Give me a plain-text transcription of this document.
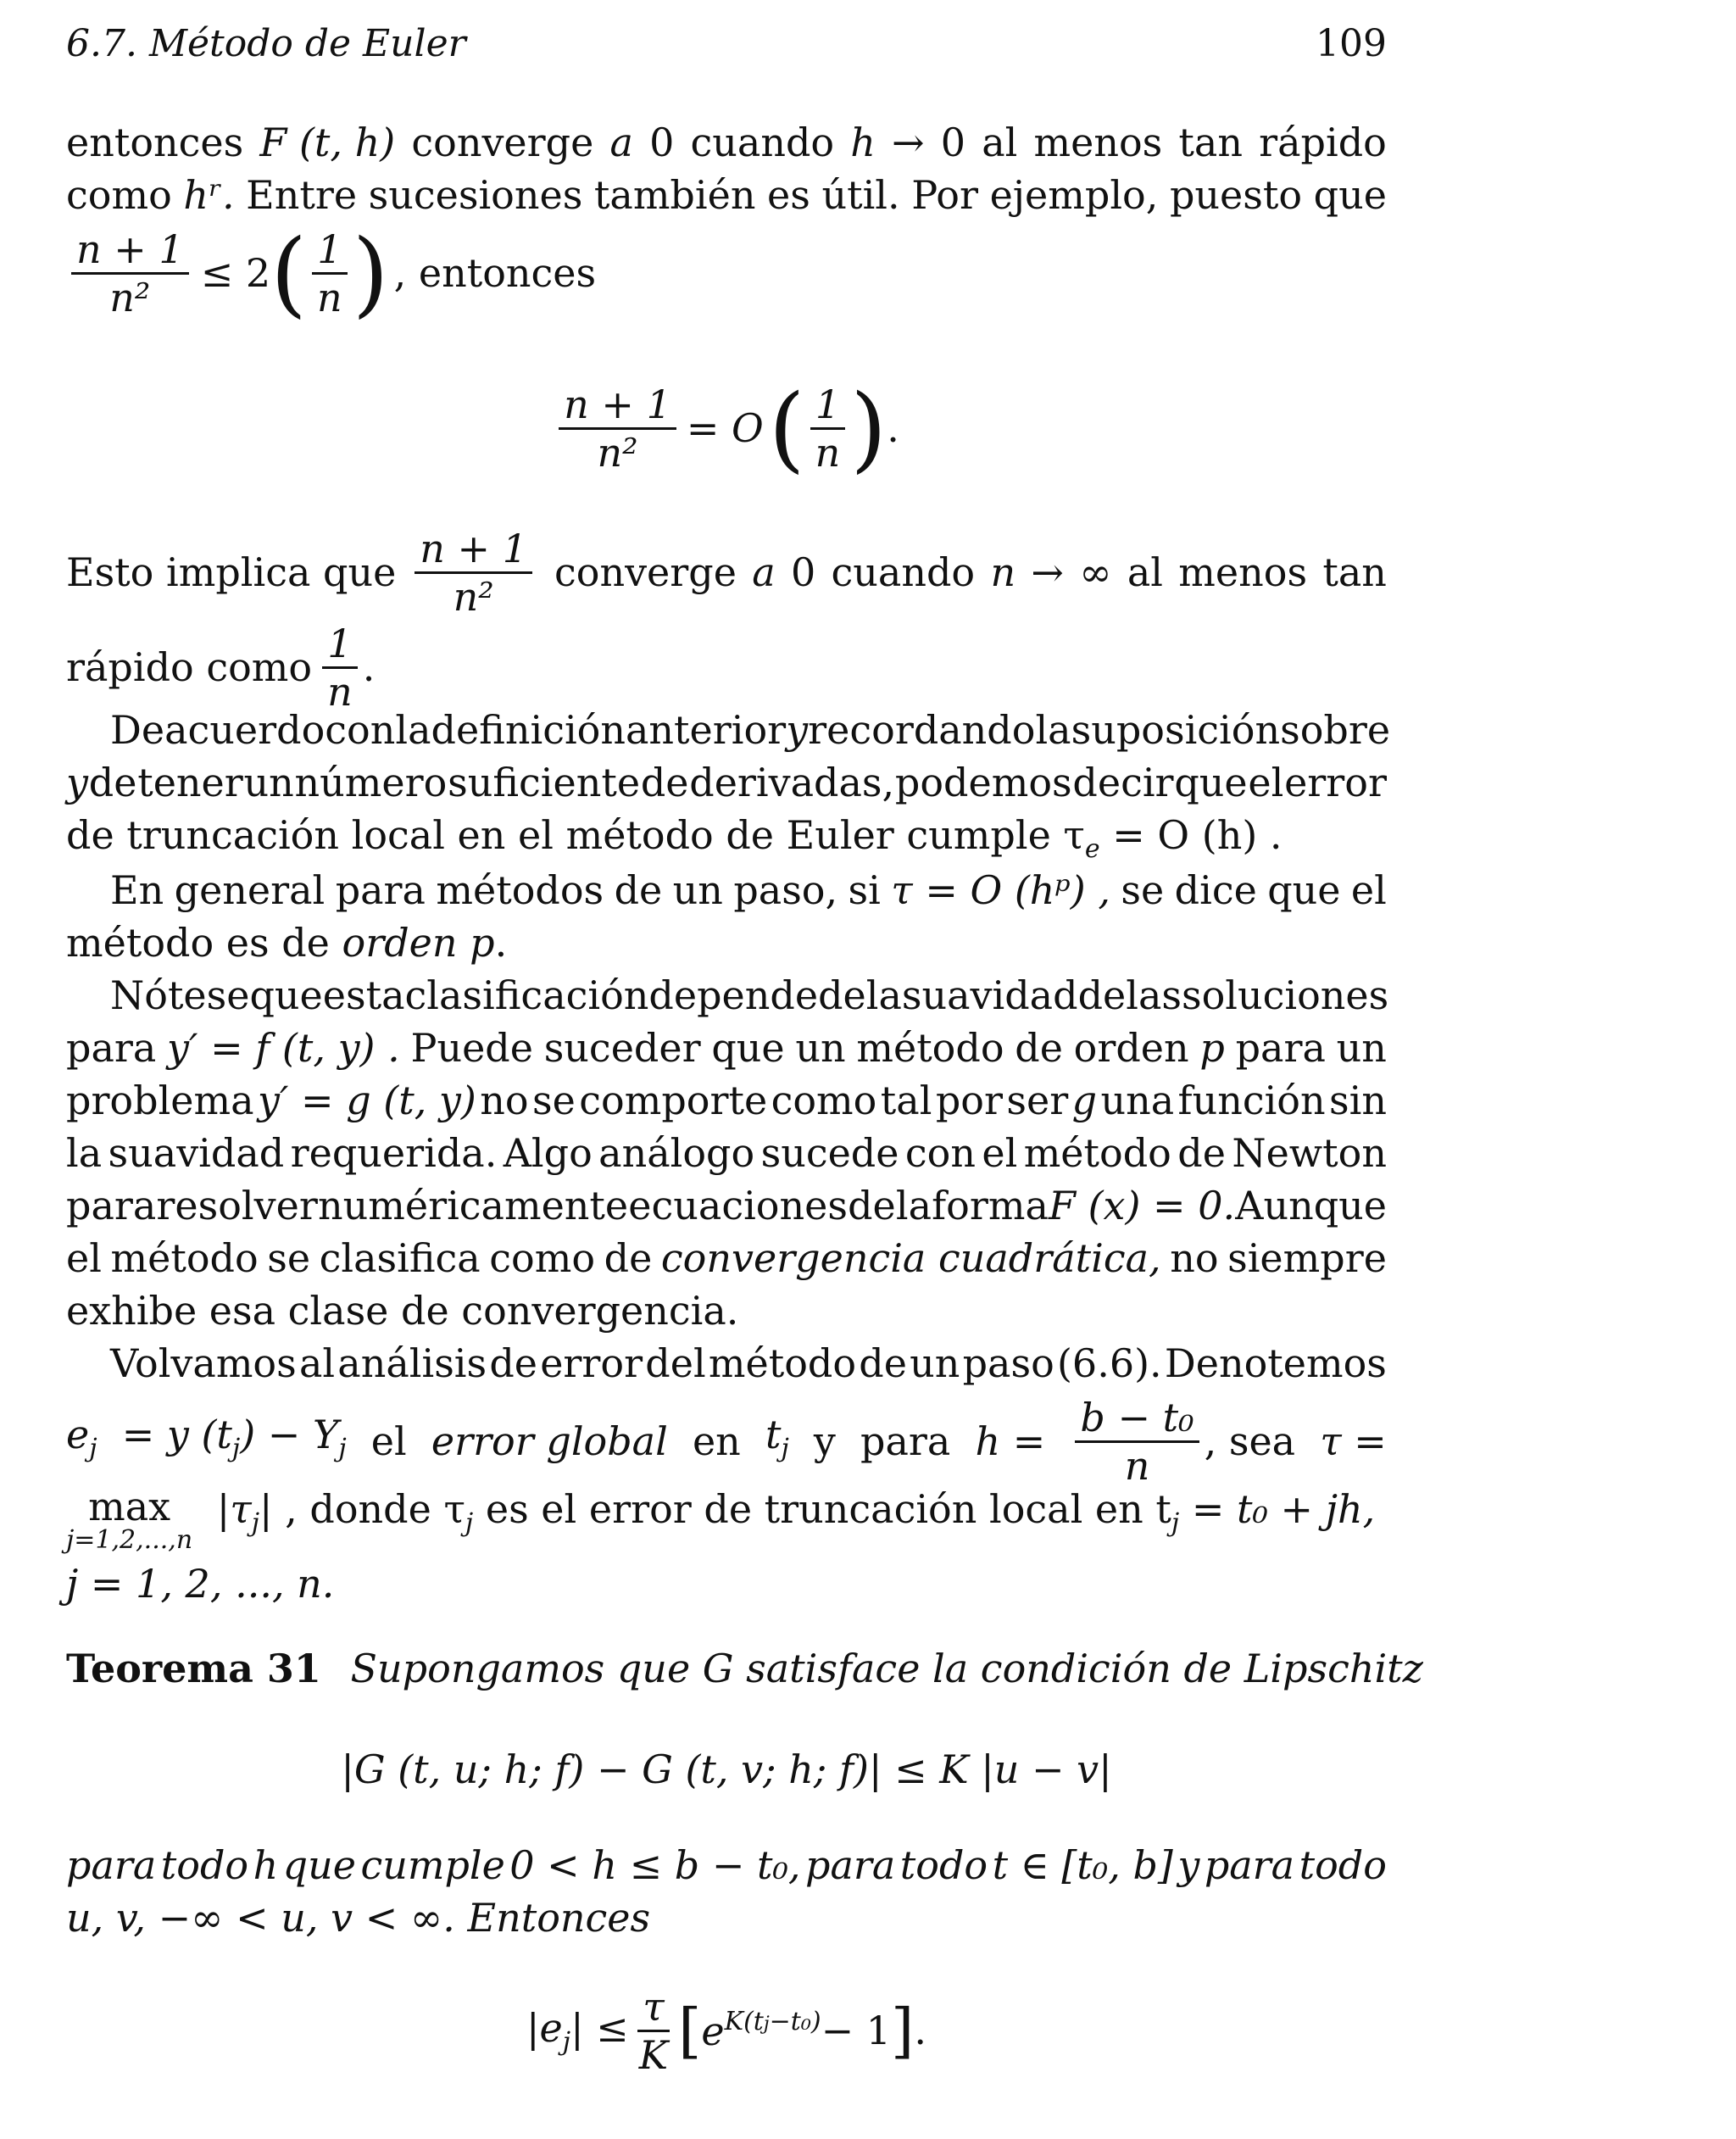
6.7. Método de Euler	109
entonces F (t, h) converge a 0 cuando h → 0 al menos tan rápido
como hʳ. Entre sucesiones también es útil. Por ejemplo, puesto que
$\frac{n + 1}{\text{n²}} \le 2$ ( $\frac{1}{n}$ ) , entonces
$\frac{n + 1}{\text{n²}} = O$ ( $\frac{1}{n}$ ) .
Esto implica que $\frac{n + 1}{\text{n²}}$ converge a 0 cuando n → ∞ al menos tan
rápido como $\frac{1}{n}$ .
De acuerdo con la definición anterior y recordando la suposición sobre
y de tener un número suficiente de derivadas, podemos decir que el error
de truncación local en el método de Euler cumple $\tau_e = O$ (h) .
En general para métodos de un paso, si τ = O (hᵖ) , se dice que el
método es de orden p.
Nótese que esta clasificación depende de la suavidad de las soluciones
para y′ = f (t, y) . Puede suceder que un método de orden p para un
problema y′ = g (t, y) no se comporte como tal por ser g una función sin
la suavidad requerida. Algo análogo sucede con el método de Newton
para resolver numéricamente ecuaciones de la forma F (x) = 0. Aunque
el método se clasifica como de convergencia cuadrática, no siempre
exhibe esa clase de convergencia.
Volvamos al análisis de error del método de un paso (6.6). Denotemos
$e_j = y$ $(t_j) - Y_j$ el error global en $t_j$ y para $h = \frac{\text{b − t₀}}{n}$ , sea τ =
max
j=1,2,...,n
$|\tau_j|$ , donde $\tau_j$ es el error de truncación local en $t_j = t_0$ + jh,
j = 1, 2, ..., n.
Teorema 31 Supongamos que G satisface la condición de Lipschitz
|G (t, u; h; f) − G (t, v; h; f)| ≤ K |u − v|
para todo h que cumple 0 < h ≤ b − t₀, para todo t ∈ [t₀, b] y para todo
u, v, −∞ < u, v < ∞. Entonces
$|e_j| \le \frac{\tau}{K}$ [ $e^{K(tj-t_0)} - 1$ ] .
